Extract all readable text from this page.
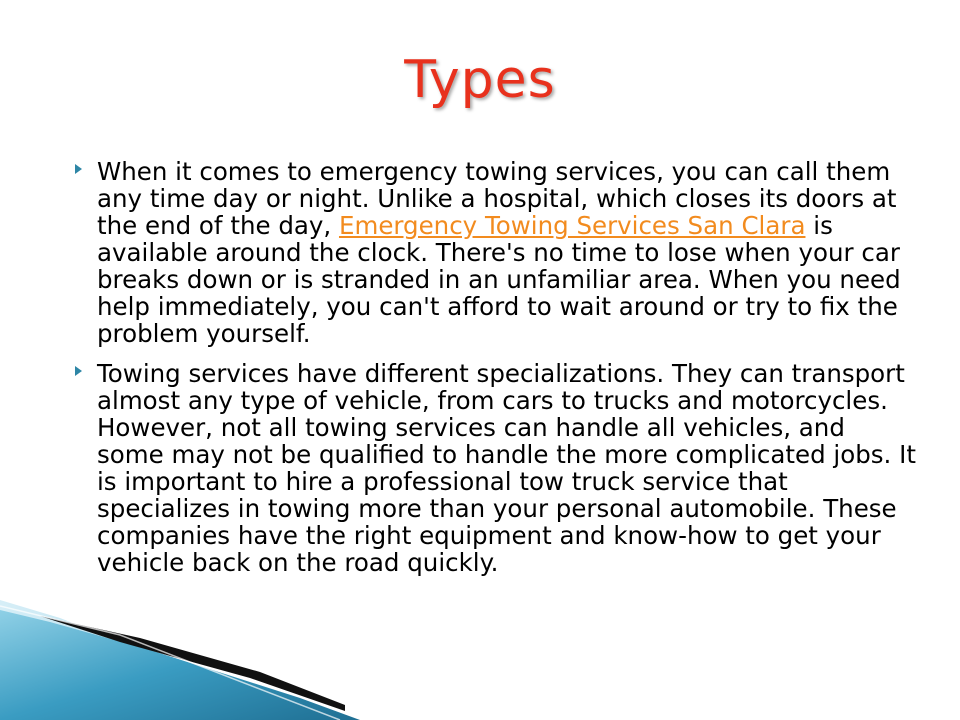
Types
When it comes to emergency towing services, you can call them any time day or night. Unlike a hospital, which closes its doors at the end of the day, Emergency Towing Services San Clara is available around the clock. There's no time to lose when your car breaks down or is stranded in an unfamiliar area. When you need help immediately, you can't afford to wait around or try to fix the problem yourself.
Towing services have different specializations. They can transport almost any type of vehicle, from cars to trucks and motorcycles. However, not all towing services can handle all vehicles, and some may not be qualified to handle the more complicated jobs. It is important to hire a professional tow truck service that specializes in towing more than your personal automobile. These companies have the right equipment and know-how to get your vehicle back on the road quickly.
